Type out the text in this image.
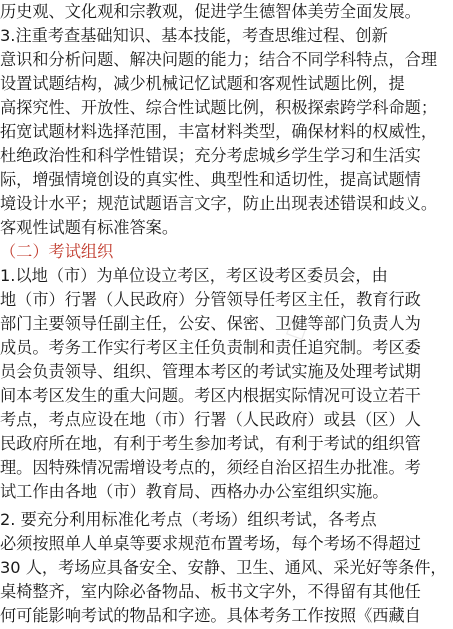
历史观、文化观和宗教观，促进学生德智体美劳全面发展。
3.注重考查基础知识、基本技能，考查思维过程、创新
意识和分析问题、解决问题的能力；结合不同学科特点，合理
设置试题结构，减少机械记忆试题和客观性试题比例，提
高探究性、开放性、综合性试题比例，积极探索跨学科命题；
拓宽试题材料选择范围，丰富材料类型，确保材料的权威性，
杜绝政治性和科学性错误；充分考虑城乡学生学习和生活实
际，增强情境创设的真实性、典型性和适切性，提高试题情
境设计水平；规范试题语言文字，防止出现表述错误和歧义。
客观性试题有标准答案。
（二）考试组织
1.以地（市）为单位设立考区，考区设考区委员会，由
地（市）行署（人民政府）分管领导任考区主任，教育行政
部门主要领导任副主任，公安、保密、卫健等部门负责人为
成员。考务工作实行考区主任负责制和责任追究制。考区委
员会负责领导、组织、管理本考区的考试实施及处理考试期
间本考区发生的重大问题。考区内根据实际情况可设立若干
考点，考点应设在地（市）行署（人民政府）或县（区）人
民政府所在地，有利于考生参加考试，有利于考试的组织管
理。因特殊情况需增设考点的，须经自治区招生办批准。考
试工作由各地（市）教育局、西格办办公室组织实施。
2. 要充分利用标准化考点（考场）组织考试，各考点
必须按照单人单桌等要求规范布置考场，每个考场不得超过
30 人，考场应具备安全、安静、卫生、通风、采光好等条件，
桌椅整齐，室内除必备物品、板书文字外，不得留有其他任
何可能影响考试的物品和字迹。具体考务工作按照《西藏自
